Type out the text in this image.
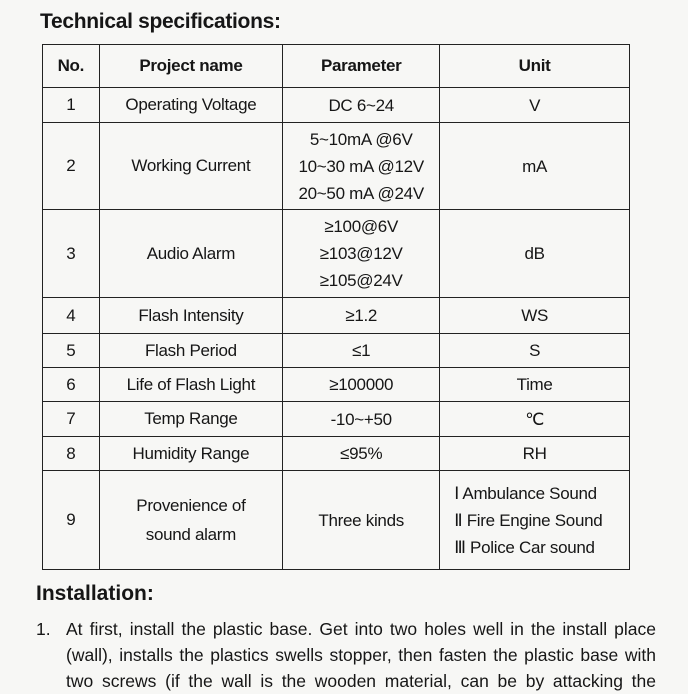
Technical specifications:
No.	Project name	Parameter	Unit
1	Operating Voltage	DC 6~24	V

2	Working Current	5~10mA @6V
10~30 mA @12V
20~50 mA @24V	mA

3	Audio Alarm	≥100@6V
≥103@12V
≥105@24V	dB

4	Flash Intensity	≥1.2	WS

5	Flash Period	≤1	S

6	Life of Flash Light	≥100000	Time

7	Temp Range	-10~+50	℃

8	Humidity Range	≤95%	RH

9	Provenience of sound alarm	Three kinds	Ⅰ Ambulance Sound
Ⅱ Fire Engine Sound
Ⅲ Police Car sound
Installation:
1. At first, install the plastic base. Get into two holes well in the install place (wall), installs the plastics swells stopper, then fasten the plastic base with two screws (if the wall is the wooden material, can be by attacking the
